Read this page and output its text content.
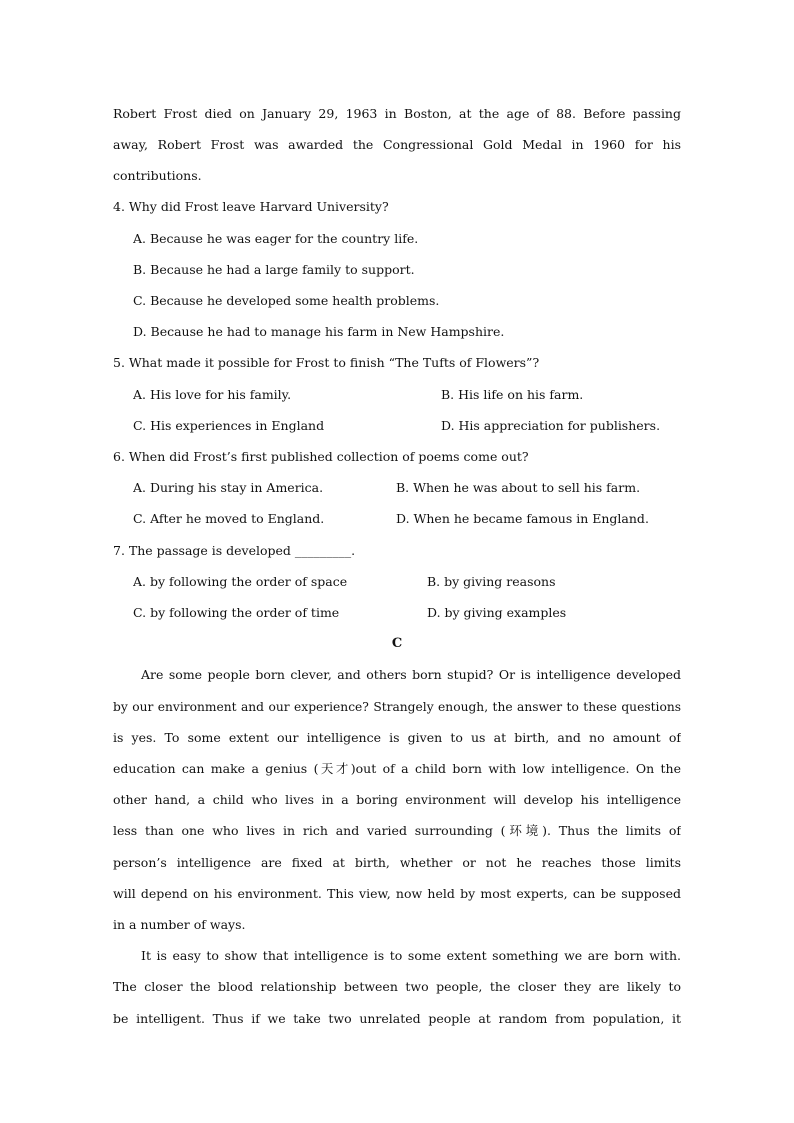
Robert Frost died on January 29, 1963 in Boston, at the age of 88. Before passing
away, Robert Frost was awarded the Congressional Gold Medal in 1960 for his
contributions.
4. Why did Frost leave Harvard University?
A. Because he was eager for the country life.
B. Because he had a large family to support.
C. Because he developed some health problems.
D. Because he had to manage his farm in New Hampshire.
5. What made it possible for Frost to finish “The Tufts of Flowers”?
A. His love for his family.	B. His life on his farm.
C. His experiences in England	D. His appreciation for publishers.
6. When did Frost’s first published collection of poems come out?
A. During his stay in America.	B. When he was about to sell his farm.
C. After he moved to England.	D. When he became famous in England.
7. The passage is developed _________.
A. by following the order of space	B. by giving reasons
C. by following the order of time	D. by giving examples
C
Are some people born clever, and others born stupid? Or is intelligence developed
by our environment and our experience? Strangely enough, the answer to these questions
is yes. To some extent our intelligence is given to us at birth, and no amount of
education can make a genius (天才)out of a child born with low intelligence. On the
other hand, a child who lives in a boring environment will develop his intelligence
less than one who lives in rich and varied surrounding (环境). Thus the limits of
person’s intelligence are fixed at birth, whether or not he reaches those limits
will depend on his environment. This view, now held by most experts, can be supposed
in a number of ways.
It is easy to show that intelligence is to some extent something we are born with.
The closer the blood relationship between two people, the closer they are likely to
be intelligent. Thus if we take two unrelated people at random from population, it
